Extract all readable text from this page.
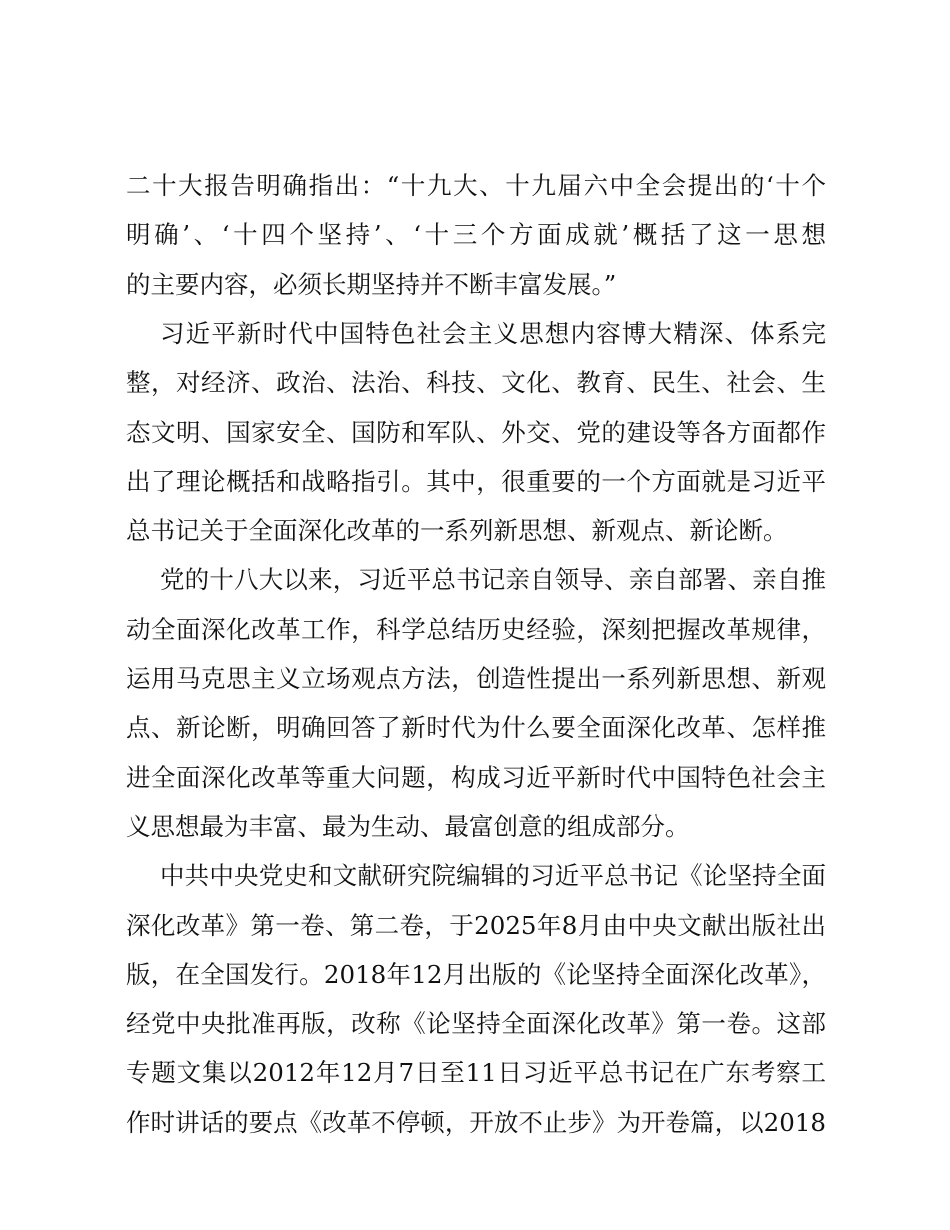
二十大报告明确指出：“十九大、十九届六中全会提出的‘十个
明确’、‘十四个坚持’、‘十三个方面成就’概括了这一思想
的主要内容，必须长期坚持并不断丰富发展。”
习近平新时代中国特色社会主义思想内容博大精深、体系完
整，对经济、政治、法治、科技、文化、教育、民生、社会、生
态文明、国家安全、国防和军队、外交、党的建设等各方面都作
出了理论概括和战略指引。其中，很重要的一个方面就是习近平
总书记关于全面深化改革的一系列新思想、新观点、新论断。
党的十八大以来，习近平总书记亲自领导、亲自部署、亲自推
动全面深化改革工作，科学总结历史经验，深刻把握改革规律，
运用马克思主义立场观点方法，创造性提出一系列新思想、新观
点、新论断，明确回答了新时代为什么要全面深化改革、怎样推
进全面深化改革等重大问题，构成习近平新时代中国特色社会主
义思想最为丰富、最为生动、最富创意的组成部分。
中共中央党史和文献研究院编辑的习近平总书记《论坚持全面
深化改革》第一卷、第二卷，于2025年8月由中央文献出版社出
版，在全国发行。2018年12月出版的《论坚持全面深化改革》，
经党中央批准再版，改称《论坚持全面深化改革》第一卷。这部
专题文集以2012年12月7日至11日习近平总书记在广东考察工
作时讲话的要点《改革不停顿，开放不止步》为开卷篇，以2018
